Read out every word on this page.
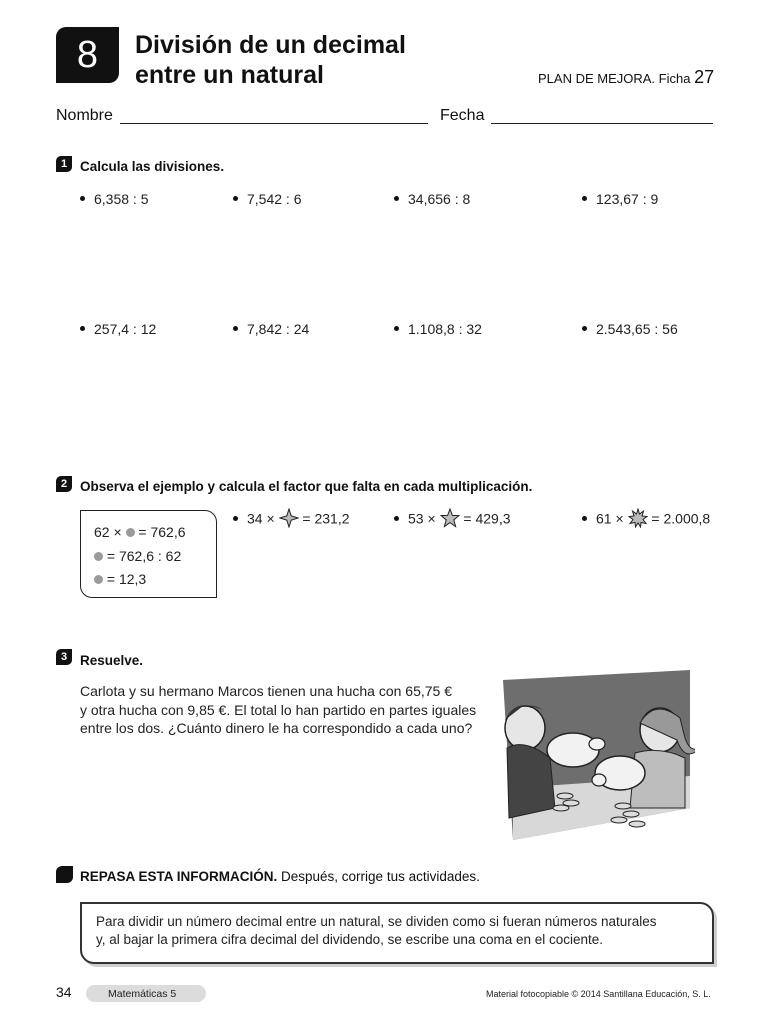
8 División de un decimal
entre un natural	PLAN DE MEJORA. Ficha 27
Nombre	Fecha
1 Calcula las divisiones.
6,358 : 5	7,542 : 6	34,656 : 8	123,67 : 9
257,4 : 12	7,842 : 24	1.108,8 : 32	2.543,65 : 56
2 Observa el ejemplo y calcula el factor que falta en cada multiplicación.
62 × = 762,6
= 762,6 : 62
= 12,3
34 × = 231,2	53 × = 429,3	61 × = 2.000,8
3 Resuelve.
Carlota y su hermano Marcos tienen una hucha con 65,75 €
y otra hucha con 9,85 €. El total lo han partido en partes iguales
entre los dos. ¿Cuánto dinero le ha correspondido a cada uno?
REPASA ESTA INFORMACIÓN. Después, corrige tus actividades.
Para dividir un número decimal entre un natural, se dividen como si fueran números naturales
y, al bajar la primera cifra decimal del dividendo, se escribe una coma en el cociente.
34	Matemáticas 5	Material fotocopiable © 2014 Santillana Educación, S. L.
